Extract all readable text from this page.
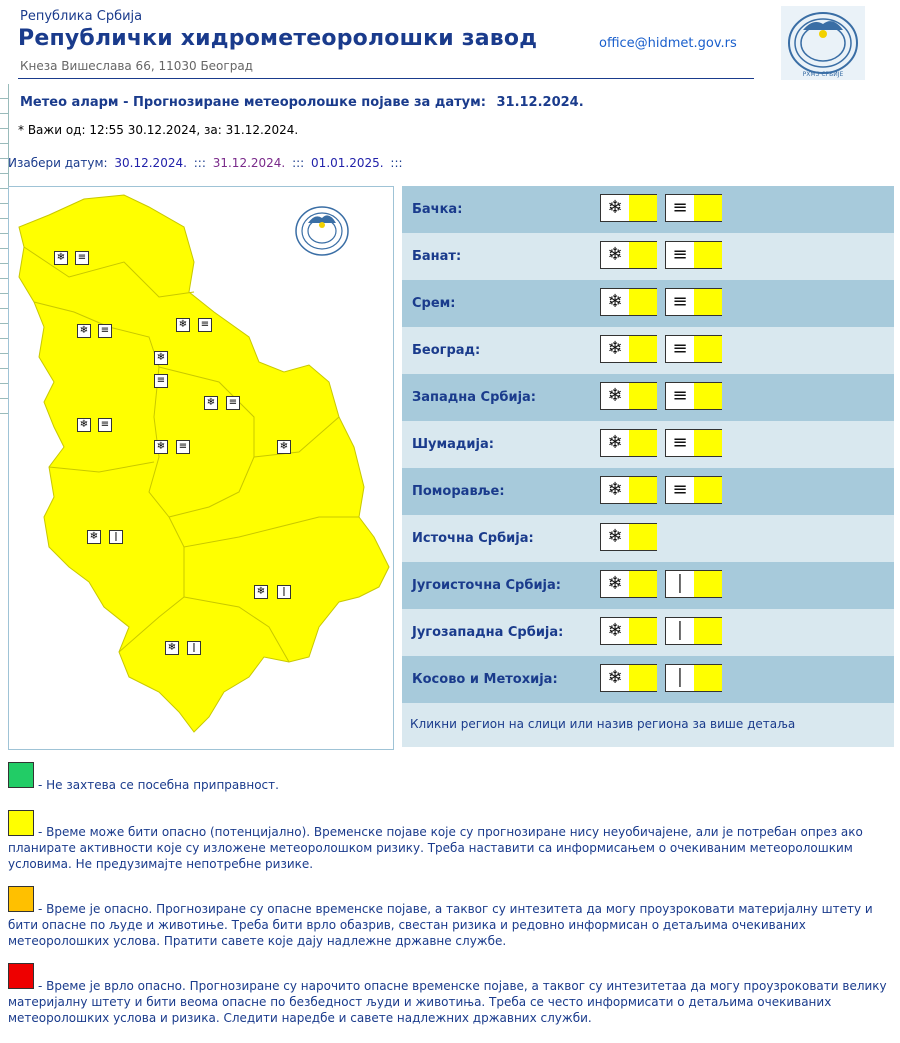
Република Србија
Републички хидрометеоролошки завод
Кнеза Вишеслава 66, 11030 Београд
office@hidmet.gov.rs
РХМЗ СРБИЈЕ
Метео аларм - Прогнозиране метеоролошке појаве за датум: 31.12.2024.
* Важи од: 12:55 30.12.2024, за: 31.12.2024.
Изабери датум: 30.12.2024. ::: 31.12.2024. ::: 01.01.2025. :::
❄ ≡
❄ ≡
❄ ≡
❄
≡
❄ ≡
❄ ≡
❄ ≡	❄
❄	ǀ
❄	ǀ
❄	ǀ
Бачка:	❄	≡
Банат:	❄	≡
Срем:	❄	≡
Београд:	❄	≡
Западна Србија:	❄	≡
Шумадија:	❄	≡
Поморавље:	❄	≡
Источна Србија:	❄
Југоисточна Србија:	❄	│
Југозападна Србија:	❄	│
Косово и Метохија:	❄	│
Кликни регион на слици или назив региона за више детаља
- Не захтева се посебна приправност.
- Време може бити опасно (потенцијално). Временске појаве које су прогнозиране нису неуобичајене, али је потребан опрез ако планирате активности које су изложене метеоролошком ризику. Треба наставити са информисањем о очекиваним метеоролошким условима. Не предузимајте непотребне ризике.
- Време је опасно. Прогнозиране су опасне временске појаве, а таквог су интезитета да могу проузроковати материјалну штету и бити опасне по људе и животиње. Треба бити врло обазрив, свестан ризика и редовно информисан о детаљима очекиваних метеоролошких услова. Пратити савете које дају надлежне државне службе.
- Време је врло опасно. Прогнозиране су нарочито опасне временске појаве, а таквог су интезитетаа да могу проузроковати велику материјалну штету и бити веома опасне по безбедност људи и животиња. Треба се често информисати о детаљима очекиваних метеоролошких услова и ризика. Следити наредбе и савете надлежних државних служби.
